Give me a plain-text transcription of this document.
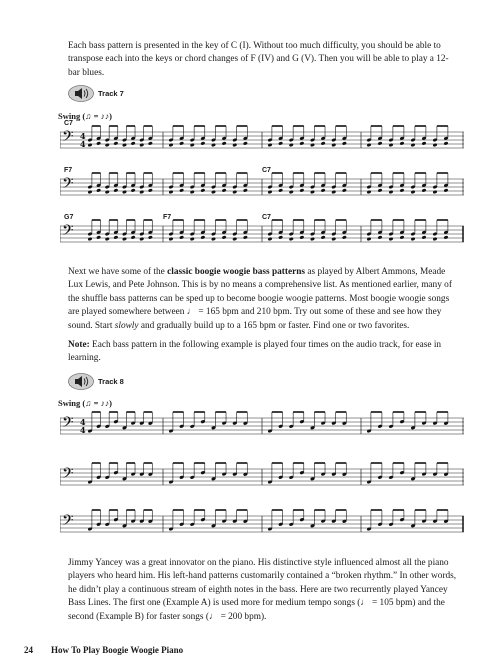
Each bass pattern is presented in the key of C (I). Without too much difficulty, you should be able to transpose each into the keys or chord changes of F (IV) and G (V). Then you will be able to play a 12-bar blues.

Track 7
Swing (♫ = ♪♪)
𝄢 4
4
C7
𝄢
F7	C7
𝄢
G7	F7	C7

Next we have some of the classic boogie woogie bass patterns as played by Albert Ammons, Meade Lux Lewis, and Pete Johnson. This is by no means a comprehensive list. As mentioned earlier, many of the shuffle bass patterns can be sped up to become boogie woogie patterns. Most boogie woogie songs are played somewhere between ♩ = 165 bpm and 210 bpm. Try out some of these and see how they sound. Start slowly and gradually build up to a 165 bpm or faster. Find one or two favorites.

Note: Each bass pattern in the following example is played four times on the audio track, for ease in learning.

Track 8
Swing (♫ = ♪♪)
𝄢 4
4
𝄢
𝄢

Jimmy Yancey was a great innovator on the piano. His distinctive style influenced almost all the piano players who heard him. His left-hand patterns customarily contained a “broken rhythm.” In other words, he didn’t play a continuous stream of eighth notes in the bass. Here are two recurrently played Yancey Bass Lines. The first one (Example A) is used more for medium tempo songs (♩ = 105 bpm) and the second (Example B) for faster songs (♩ = 200 bpm).

24 How To Play Boogie Woogie Piano
